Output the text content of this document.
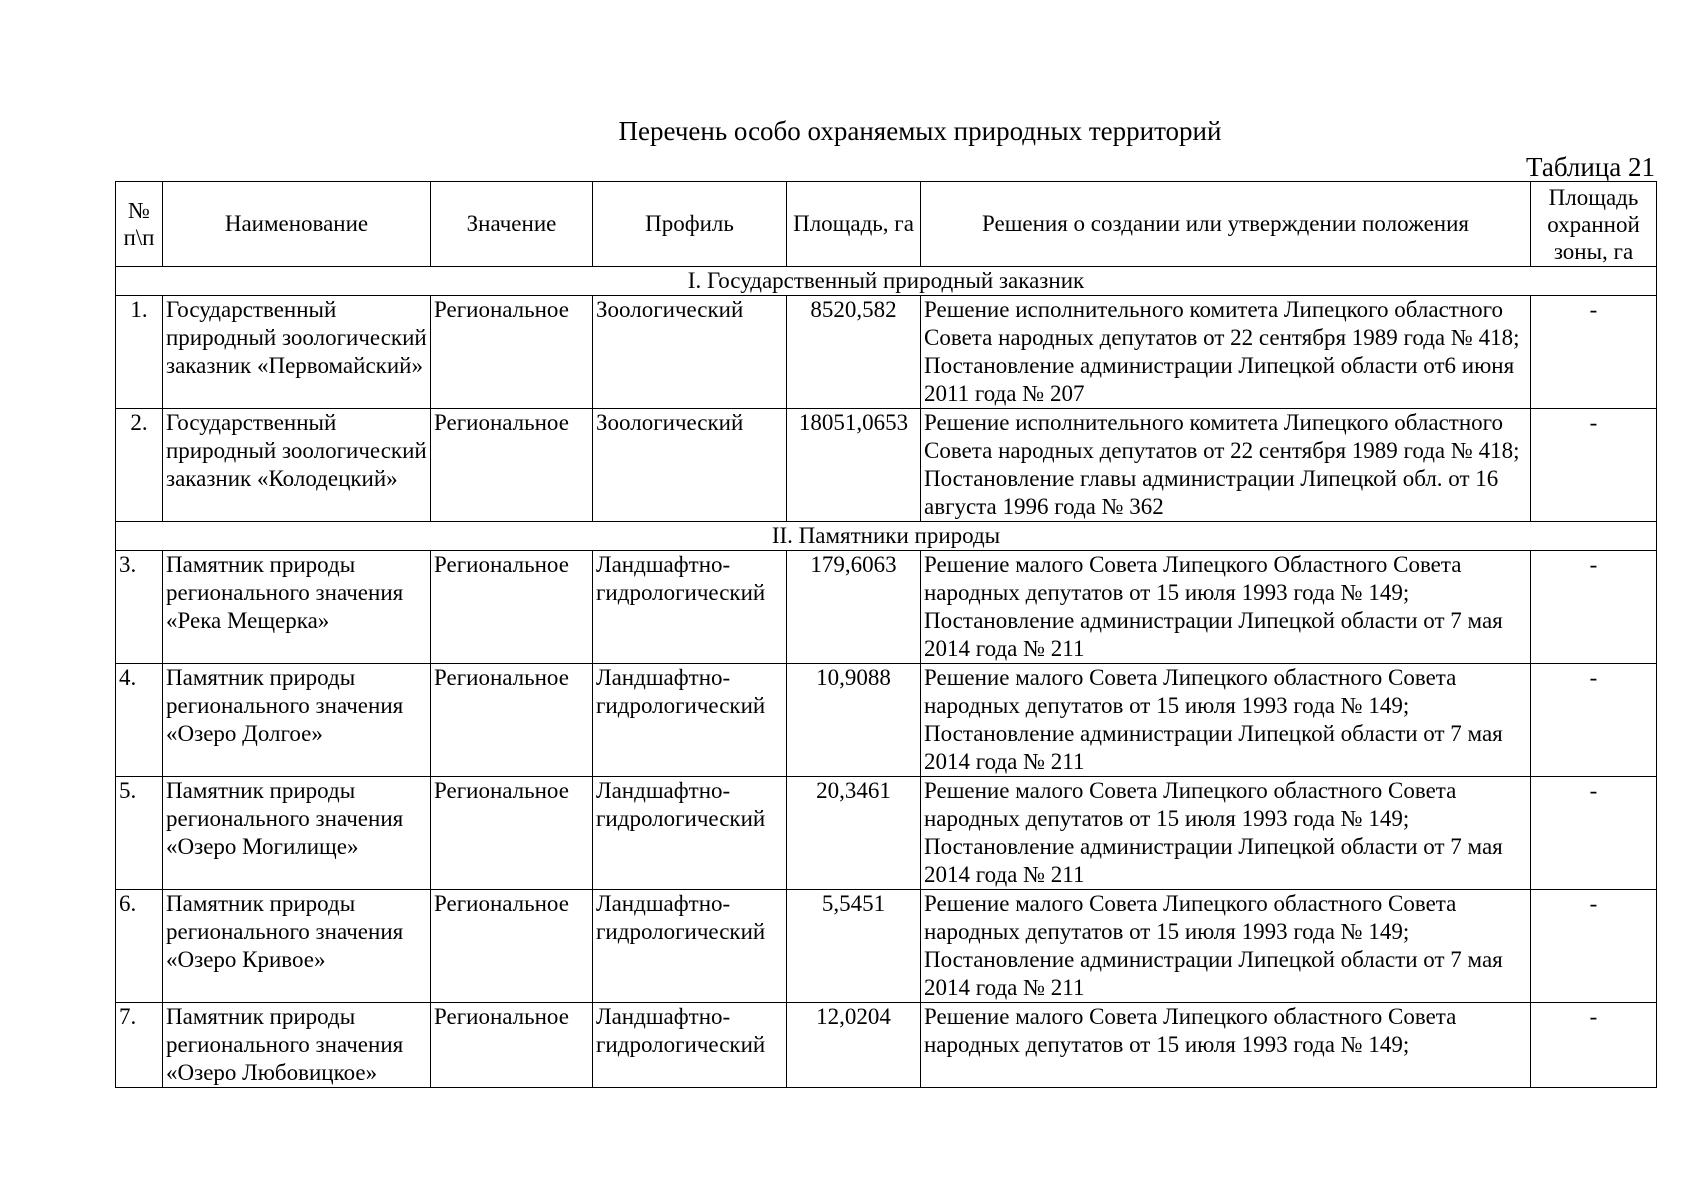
Перечень особо охраняемых природных территорий
Таблица 21
№ п\п	Наименование	Значение	Профиль	Площадь, га	Решения о создании или утверждении положения	Площадь охранной зоны, га
I. Государственный природный заказник						
1.	Государственный природный зоологический заказник «Первомайский»	Региональное	Зоологический	8520,582	Решение исполнительного комитета Липецкого областного Совета народных депутатов от 22 сентября 1989 года № 418; Постановление администрации Липецкой области от6 июня 2011 года № 207	-
2.	Государственный природный зоологический заказник «Колодецкий»	Региональное	Зоологический	18051,0653	Решение исполнительного комитета Липецкого областного Совета народных депутатов от 22 сентября 1989 года № 418; Постановление главы администрации Липецкой обл. от 16 августа 1996 года № 362	-
II. Памятники природы						
3.	Памятник природы регионального значения «Река Мещерка»	Региональное	Ландшафтно-гидрологический	179,6063	Решение малого Совета Липецкого Областного Совета народных депутатов от 15 июля 1993 года № 149; Постановление администрации Липецкой области от 7 мая 2014 года № 211	-
4.	Памятник природы регионального значения «Озеро Долгое»	Региональное	Ландшафтно-гидрологический	10,9088	Решение малого Совета Липецкого областного Совета народных депутатов от 15 июля 1993 года № 149; Постановление администрации Липецкой области от 7 мая 2014 года № 211	-
5.	Памятник природы регионального значения «Озеро Могилище»	Региональное	Ландшафтно-гидрологический	20,3461	Решение малого Совета Липецкого областного Совета народных депутатов от 15 июля 1993 года № 149; Постановление администрации Липецкой области от 7 мая 2014 года № 211	-
6.	Памятник природы регионального значения «Озеро Кривое»	Региональное	Ландшафтно-гидрологический	5,5451	Решение малого Совета Липецкого областного Совета народных депутатов от 15 июля 1993 года № 149; Постановление администрации Липецкой области от 7 мая 2014 года № 211	-
7.	Памятник природы регионального значения «Озеро Любовицкое»	Региональное	Ландшафтно-гидрологический	12,0204	Решение малого Совета Липецкого областного Совета народных депутатов от 15 июля 1993 года № 149;	-
